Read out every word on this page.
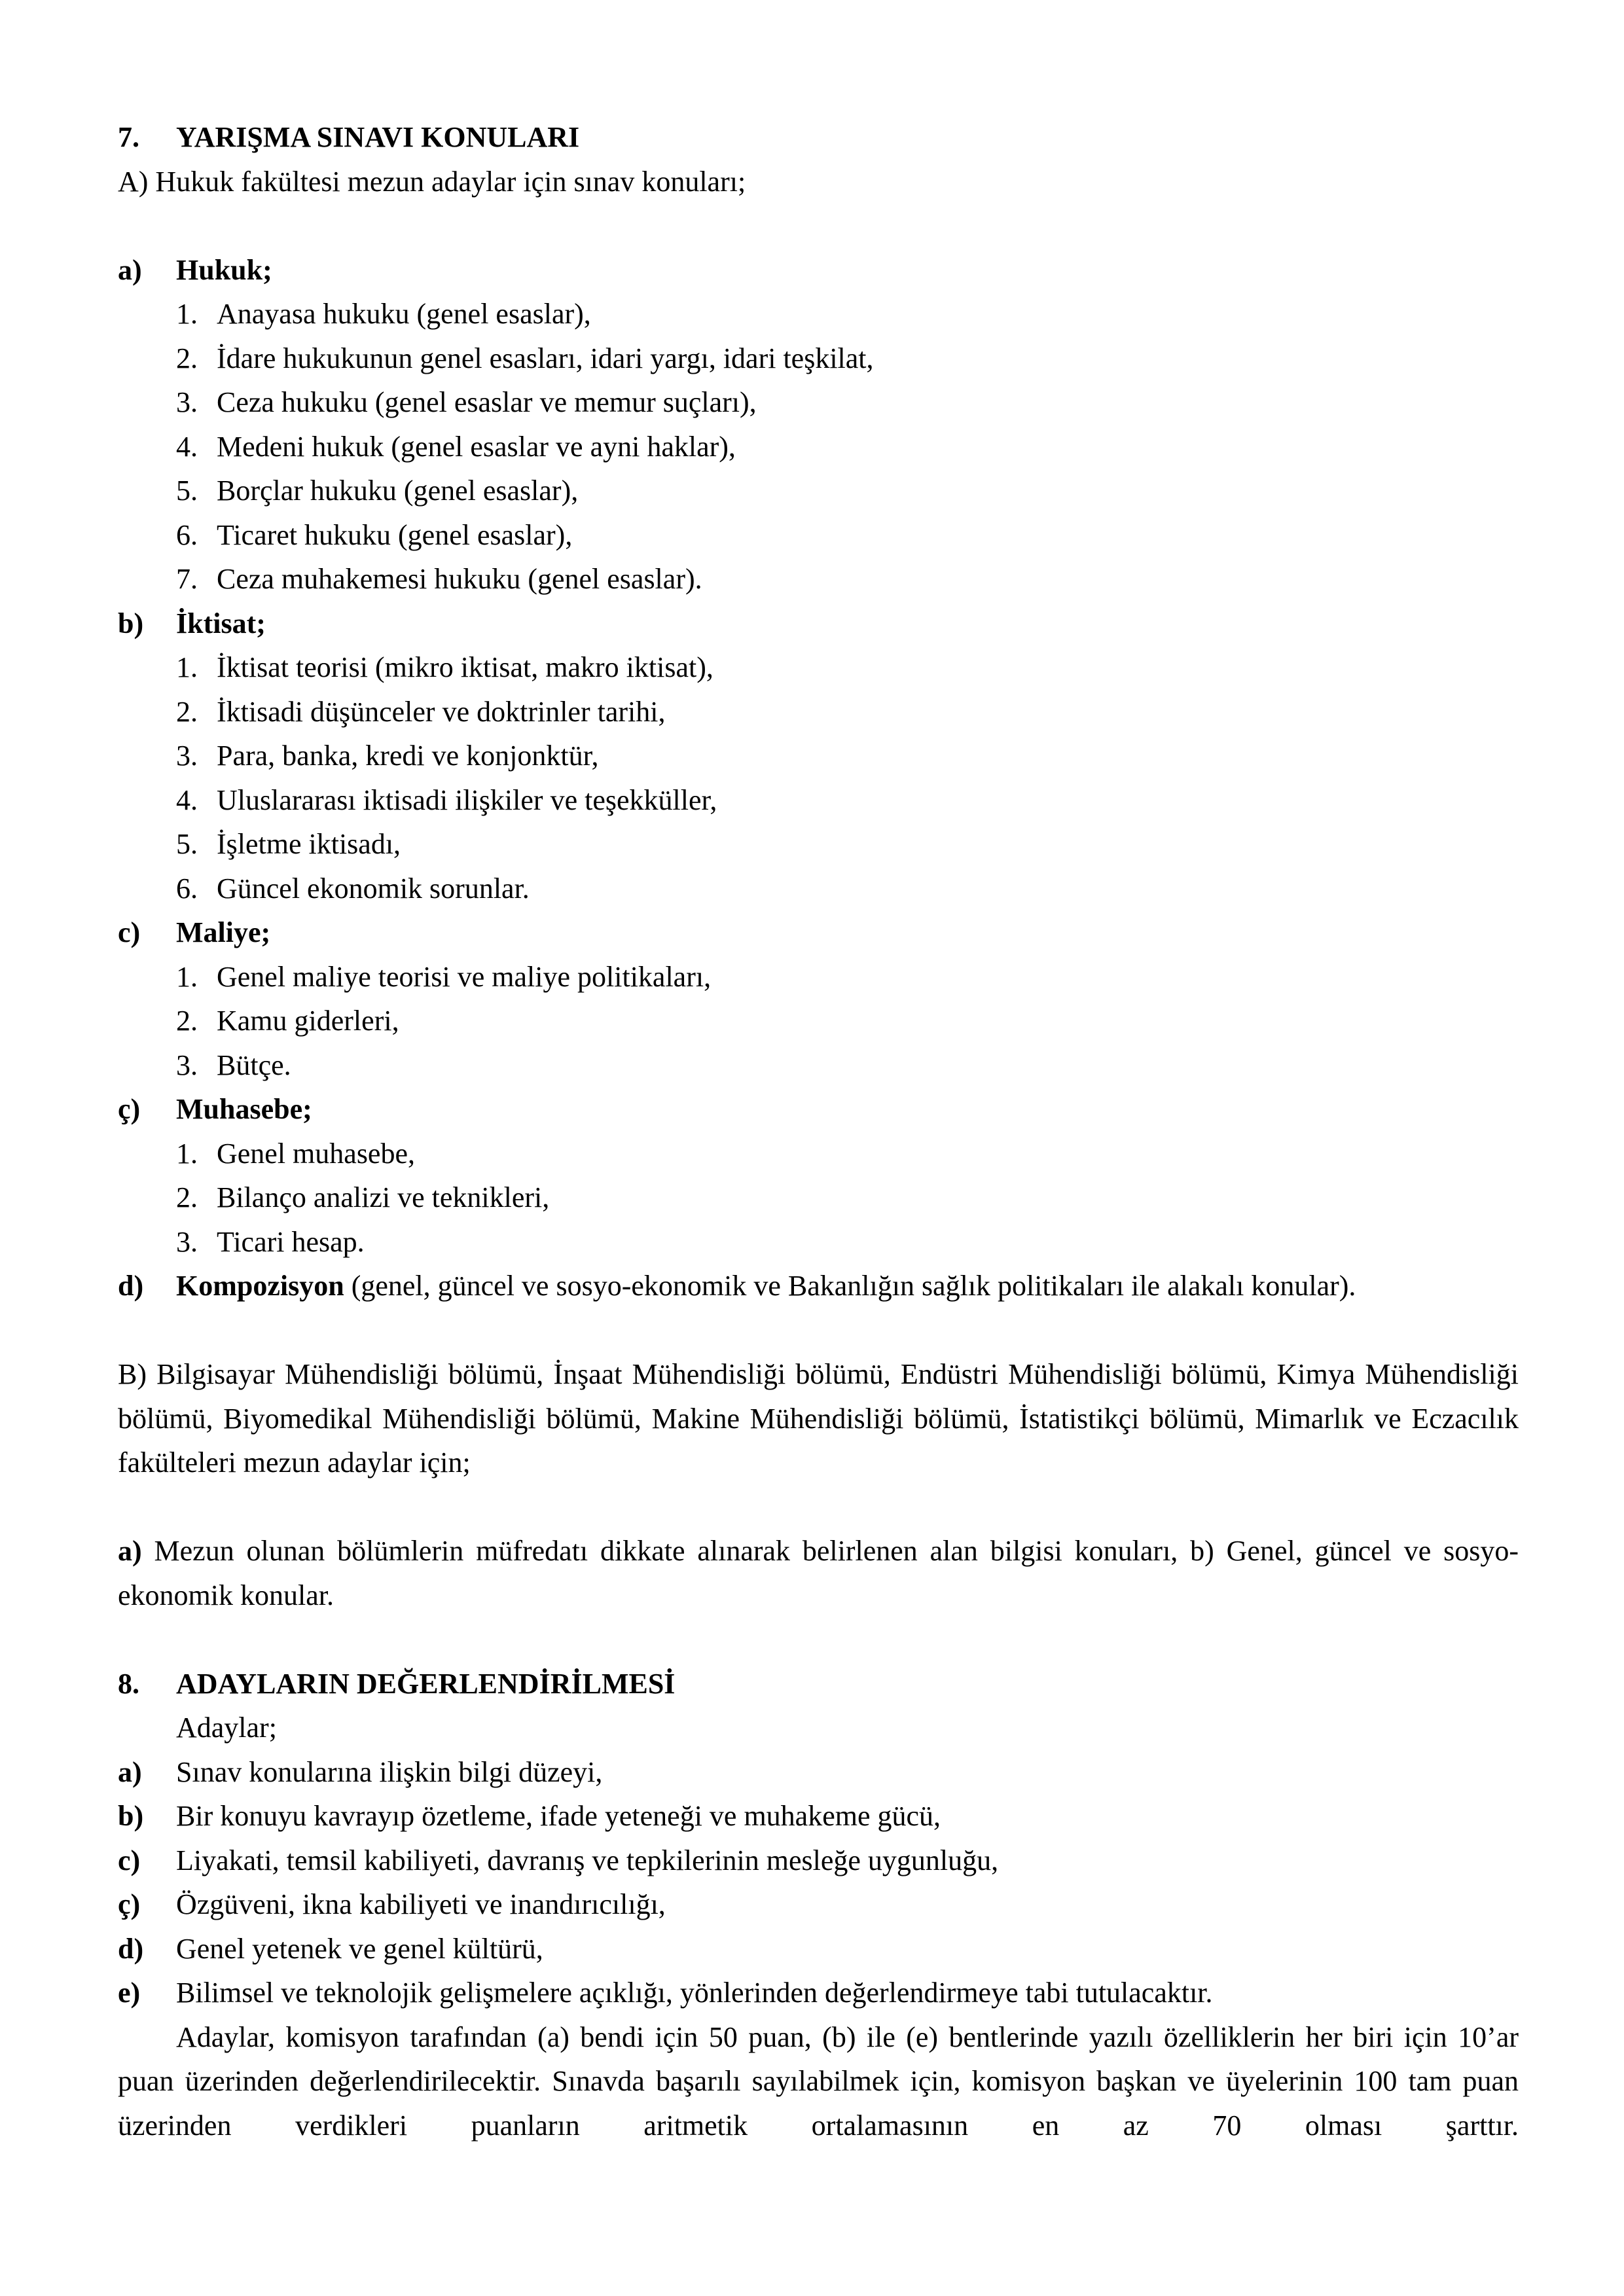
7.	YARIŞMA SINAVI KONULARI

A) Hukuk fakültesi mezun adaylar için sınav konuları;

a)	Hukuk;
1. Anayasa hukuku (genel esaslar),
2. İdare hukukunun genel esasları, idari yargı, idari teşkilat,
3. Ceza hukuku (genel esaslar ve memur suçları),
4. Medeni hukuk (genel esaslar ve ayni haklar),
5. Borçlar hukuku (genel esaslar),
6. Ticaret hukuku (genel esaslar),
7. Ceza muhakemesi hukuku (genel esaslar).
b)	İktisat;
1. İktisat teorisi (mikro iktisat, makro iktisat),
2. İktisadi düşünceler ve doktrinler tarihi,
3. Para, banka, kredi ve konjonktür,
4. Uluslararası iktisadi ilişkiler ve teşekküller,
5. İşletme iktisadı,
6. Güncel ekonomik sorunlar.
c)	Maliye;
1. Genel maliye teorisi ve maliye politikaları,
2. Kamu giderleri,
3. Bütçe.
ç)	Muhasebe;
1. Genel muhasebe,
2. Bilanço analizi ve teknikleri,
3. Ticari hesap.
d)	Kompozisyon (genel, güncel ve sosyo-ekonomik ve Bakanlığın sağlık politikaları ile alakalı konular).

B) Bilgisayar Mühendisliği bölümü, İnşaat Mühendisliği bölümü, Endüstri Mühendisliği bölümü, Kimya Mühendisliği bölümü, Biyomedikal Mühendisliği bölümü, Makine Mühendisliği bölümü, İstatistikçi bölümü, Mimarlık ve Eczacılık fakülteleri mezun adaylar için;

a) Mezun olunan bölümlerin müfredatı dikkate alınarak belirlenen alan bilgisi konuları, b) Genel, güncel ve sosyo-ekonomik konular.

8.	ADAYLARIN DEĞERLENDİRİLMESİ

Adaylar;

a)	Sınav konularına ilişkin bilgi düzeyi,
b)	Bir konuyu kavrayıp özetleme, ifade yeteneği ve muhakeme gücü,
c)	Liyakati, temsil kabiliyeti, davranış ve tepkilerinin mesleğe uygunluğu,
ç)	Özgüveni, ikna kabiliyeti ve inandırıcılığı,
d)	Genel yetenek ve genel kültürü,
e)	Bilimsel ve teknolojik gelişmelere açıklığı, yönlerinden değerlendirmeye tabi tutulacaktır.

Adaylar, komisyon tarafından (a) bendi için 50 puan, (b) ile (e) bentlerinde yazılı özelliklerin her biri için 10’ar puan üzerinden değerlendirilecektir. Sınavda başarılı sayılabilmek için, komisyon başkan ve üyelerinin 100 tam puan üzerinden verdikleri puanların aritmetik ortalamasının en az 70 olması şarttır.
